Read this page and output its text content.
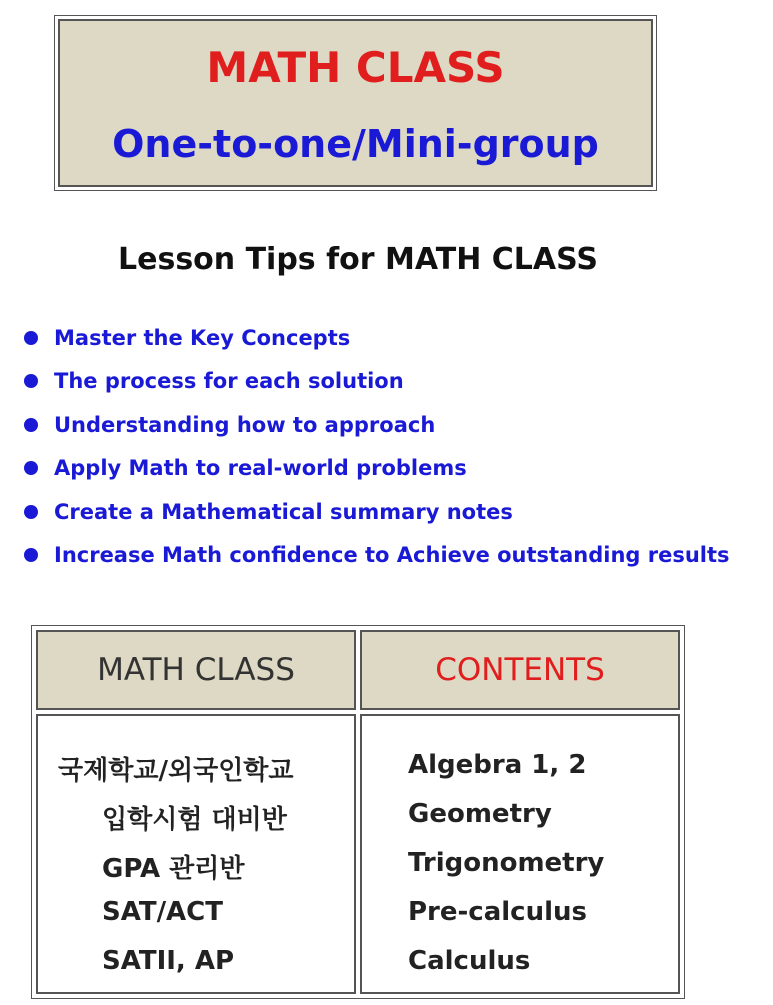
MATH CLASS
One-to-one/Mini-group
Lesson Tips for MATH CLASS
Master the Key Concepts
The process for each solution
Understanding how to approach
Apply Math to real-world problems
Create a Mathematical summary notes
Increase Math confidence to Achieve outstanding results
MATH CLASS	CONTENTS
국제학교/외국인학교
입학시험 대비반
GPA 관리반
SAT/ACT
SATII, AP
Algebra 1, 2
Geometry
Trigonometry
Pre-calculus
Calculus
